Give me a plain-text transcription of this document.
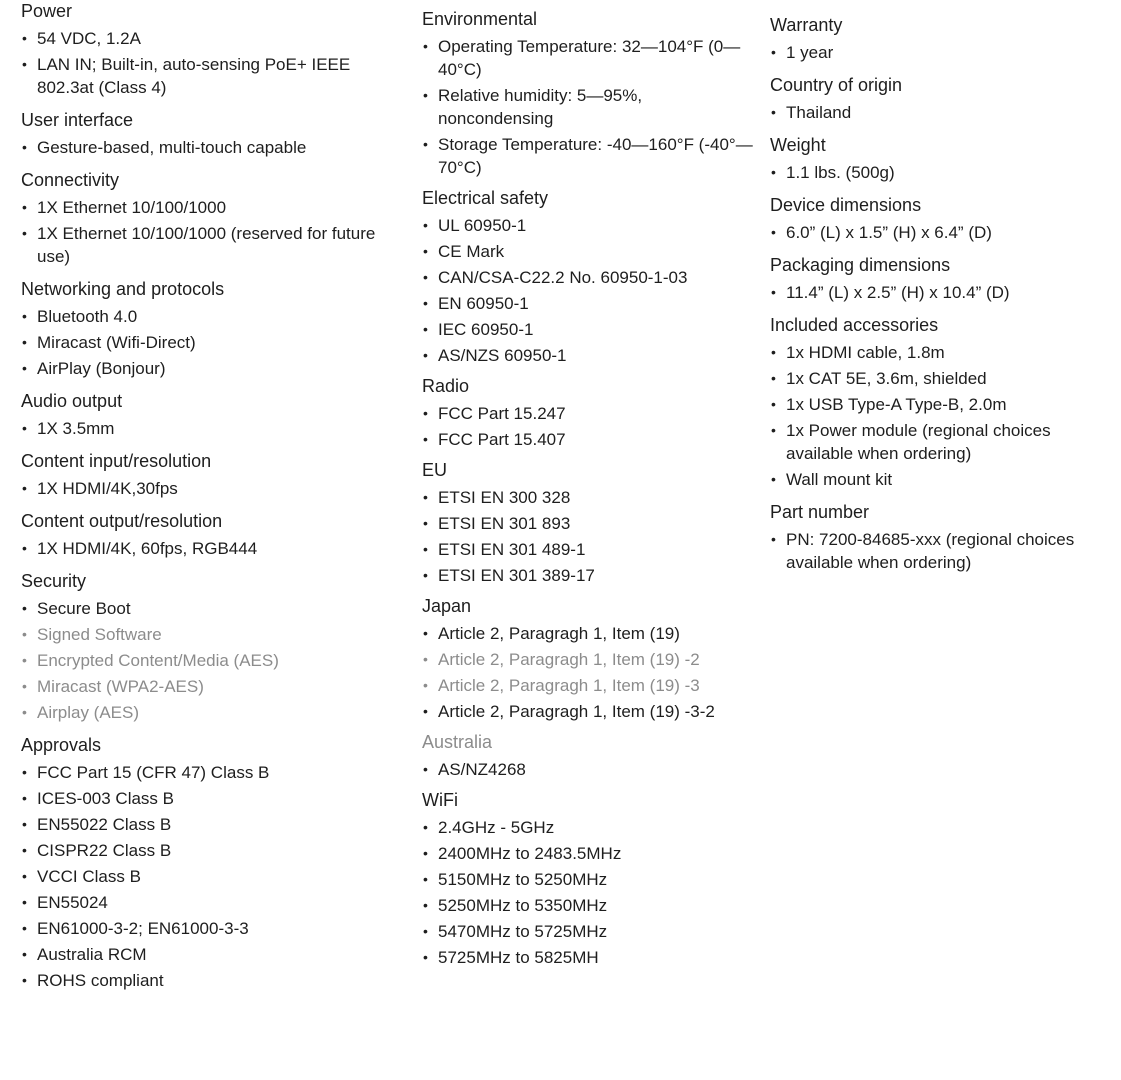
Power
• 54 VDC, 1.2A
• LAN IN; Built-in, auto-sensing PoE+ IEEE 802.3at (Class 4)
User interface
• Gesture-based, multi-touch capable
Connectivity
• 1X Ethernet 10/100/1000
• 1X Ethernet 10/100/1000 (reserved for future use)
Networking and protocols
• Bluetooth 4.0
• Miracast (Wifi-Direct)
• AirPlay (Bonjour)
Audio output
• 1X 3.5mm
Content input/resolution
• 1X HDMI/4K,30fps
Content output/resolution
• 1X HDMI/4K, 60fps, RGB444
Security
• Secure Boot
• Signed Software
• Encrypted Content/Media (AES)
• Miracast (WPA2-AES)
• Airplay (AES)
Approvals
• FCC Part 15 (CFR 47) Class B
• ICES-003 Class B
• EN55022 Class B
• CISPR22 Class B
• VCCI Class B
• EN55024
• EN61000-3-2; EN61000-3-3
• Australia RCM
• ROHS compliant
Environmental
• Operating Temperature: 32—104°F (0—40°C)
• Relative humidity: 5—95%, noncondensing
• Storage Temperature: -40—160°F (-40°—70°C)
Electrical safety
• UL 60950-1
• CE Mark
• CAN/CSA-C22.2 No. 60950-1-03
• EN 60950-1
• IEC 60950-1
• AS/NZS 60950-1
Radio
• FCC Part 15.247
• FCC Part 15.407
EU
• ETSI EN 300 328
• ETSI EN 301 893
• ETSI EN 301 489-1
• ETSI EN 301 389-17
Japan
• Article 2, Paragragh 1, Item (19)
• Article 2, Paragragh 1, Item (19) -2
• Article 2, Paragragh 1, Item (19) -3
• Article 2, Paragragh 1, Item (19) -3-2
Australia
• AS/NZ4268
WiFi
• 2.4GHz - 5GHz
• 2400MHz to 2483.5MHz
• 5150MHz to 5250MHz
• 5250MHz to 5350MHz
• 5470MHz to 5725MHz
• 5725MHz to 5825MH
Warranty
• 1 year
Country of origin
• Thailand
Weight
• 1.1 lbs. (500g)
Device dimensions
• 6.0” (L) x 1.5” (H) x 6.4” (D)
Packaging dimensions
• 11.4” (L) x 2.5” (H) x 10.4” (D)
Included accessories
• 1x HDMI cable, 1.8m
• 1x CAT 5E, 3.6m, shielded
• 1x USB Type-A Type-B, 2.0m
• 1x Power module (regional choices available when ordering)
• Wall mount kit
Part number
• PN: 7200-84685-xxx (regional choices available when ordering)
